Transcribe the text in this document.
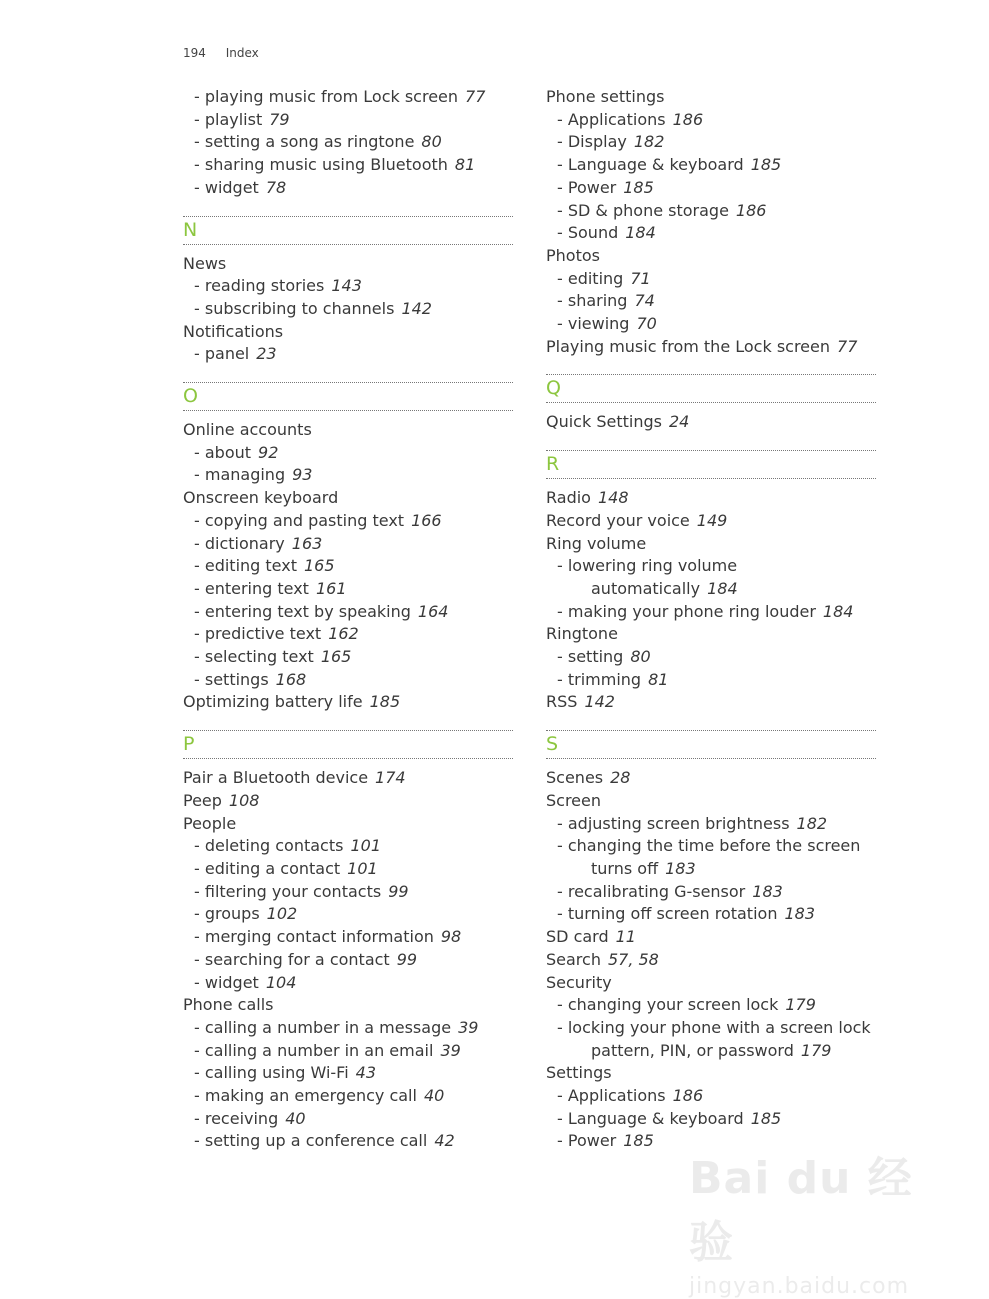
194 Index
- playing music from Lock screen 77
- playlist 79
- setting a song as ringtone 80
- sharing music using Bluetooth 81
- widget 78
N
News
- reading stories 143
- subscribing to channels 142
Notifications
- panel 23
O
Online accounts
- about 92
- managing 93
Onscreen keyboard
- copying and pasting text 166
- dictionary 163
- editing text 165
- entering text 161
- entering text by speaking 164
- predictive text 162
- selecting text 165
- settings 168
Optimizing battery life 185
P
Pair a Bluetooth device 174
Peep 108
People
- deleting contacts 101
- editing a contact 101
- filtering your contacts 99
- groups 102
- merging contact information 98
- searching for a contact 99
- widget 104
Phone calls
- calling a number in a message 39
- calling a number in an email 39
- calling using Wi-Fi 43
- making an emergency call 40
- receiving 40
- setting up a conference call 42
Phone settings
- Applications 186
- Display 182
- Language & keyboard 185
- Power 185
- SD & phone storage 186
- Sound 184
Photos
- editing 71
- sharing 74
- viewing 70
Playing music from the Lock screen 77
Q
Quick Settings 24
R
Radio 148
Record your voice 149
Ring volume
- lowering ring volume
automatically 184
- making your phone ring louder 184
Ringtone
- setting 80
- trimming 81
RSS 142
S
Scenes 28
Screen
- adjusting screen brightness 182
- changing the time before the screen
turns off 183
- recalibrating G-sensor 183
- turning off screen rotation 183
SD card 11
Search 57, 58
Security
- changing your screen lock 179
- locking your phone with a screen lock
pattern, PIN, or password 179
Settings
- Applications 186
- Language & keyboard 185
- Power 185
Bai du 经验
jingyan.baidu.com
